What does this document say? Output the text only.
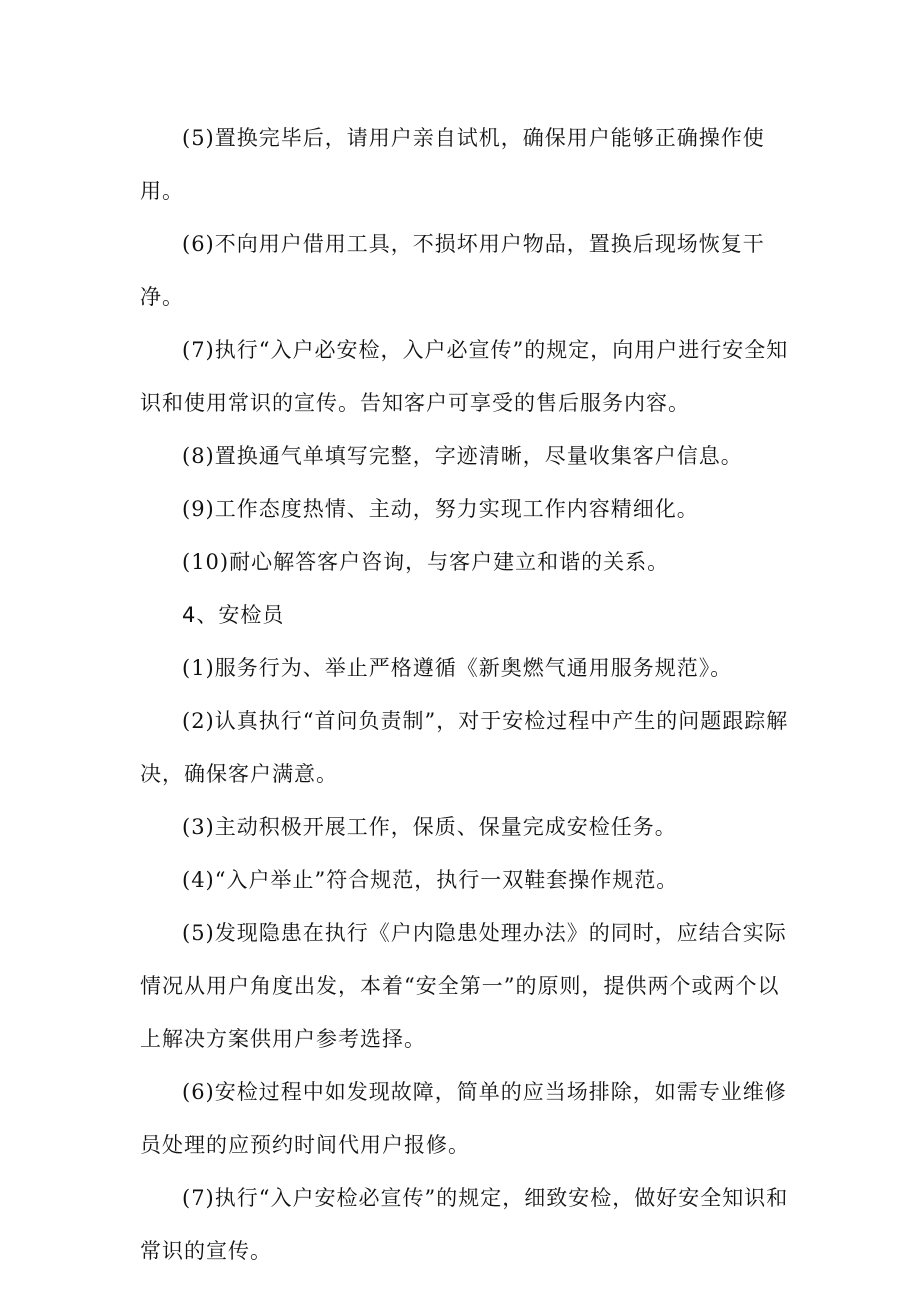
(5)置换完毕后，请用户亲自试机，确保用户能够正确操作使用。

(6)不向用户借用工具，不损坏用户物品，置换后现场恢复干净。

(7)执行“入户必安检，入户必宣传”的规定，向用户进行安全知识和使用常识的宣传。告知客户可享受的售后服务内容。

(8)置换通气单填写完整，字迹清晰，尽量收集客户信息。

(9)工作态度热情、主动，努力实现工作内容精细化。

(10)耐心解答客户咨询，与客户建立和谐的关系。

4、安检员

(1)服务行为、举止严格遵循《新奥燃气通用服务规范》。

(2)认真执行“首问负责制”，对于安检过程中产生的问题跟踪解决，确保客户满意。

(3)主动积极开展工作，保质、保量完成安检任务。

(4)“入户举止”符合规范，执行一双鞋套操作规范。

(5)发现隐患在执行《户内隐患处理办法》的同时，应结合实际情况从用户角度出发，本着“安全第一”的原则，提供两个或两个以上解决方案供用户参考选择。

(6)安检过程中如发现故障，简单的应当场排除，如需专业维修员处理的应预约时间代用户报修。

(7)执行“入户安检必宣传”的规定，细致安检，做好安全知识和常识的宣传。
